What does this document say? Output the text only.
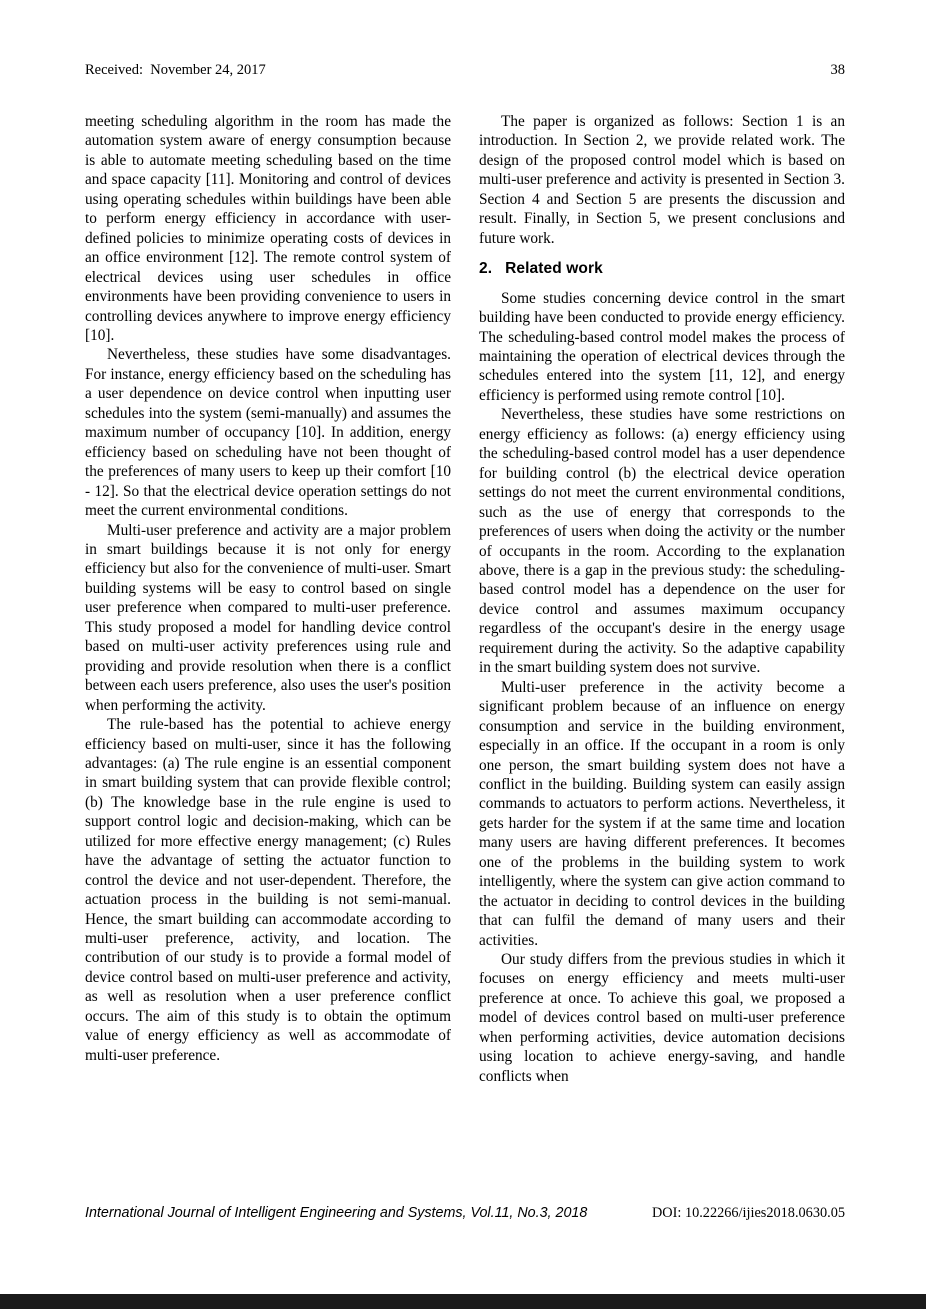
Received:  November 24, 2017	38

meeting scheduling algorithm in the room has made the automation system aware of energy consumption because is able to automate meeting scheduling based on the time and space capacity [11]. Monitoring and control of devices using operating schedules within buildings have been able to perform energy efficiency in accordance with user-defined policies to minimize operating costs of devices in an office environment [12]. The remote control system of electrical devices using user schedules in office environments have been providing convenience to users in controlling devices anywhere to improve energy efficiency [10].

Nevertheless, these studies have some disadvantages. For instance, energy efficiency based on the scheduling has a user dependence on device control when inputting user schedules into the system (semi-manually) and assumes the maximum number of occupancy [10]. In addition, energy efficiency based on scheduling have not been thought of the preferences of many users to keep up their comfort [10 - 12]. So that the electrical device operation settings do not meet the current environmental conditions.

Multi-user preference and activity are a major problem in smart buildings because it is not only for energy efficiency but also for the convenience of multi-user. Smart building systems will be easy to control based on single user preference when compared to multi-user preference. This study proposed a model for handling device control based on multi-user activity preferences using rule and providing and provide resolution when there is a conflict between each users preference, also uses the user's position when performing the activity.

The rule-based has the potential to achieve energy efficiency based on multi-user, since it has the following advantages: (a) The rule engine is an essential component in smart building system that can provide flexible control; (b) The knowledge base in the rule engine is used to support control logic and decision-making, which can be utilized for more effective energy management; (c) Rules have the advantage of setting the actuator function to control the device and not user-dependent. Therefore, the actuation process in the building is not semi-manual. Hence, the smart building can accommodate according to multi-user preference, activity, and location. The contribution of our study is to provide a formal model of device control based on multi-user preference and activity, as well as resolution when a user preference conflict occurs. The aim of this study is to obtain the optimum value of energy efficiency as well as accommodate of multi-user preference.

The paper is organized as follows: Section 1 is an introduction. In Section 2, we provide related work. The design of the proposed control model which is based on multi-user preference and activity is presented in Section 3. Section 4 and Section 5 are presents the discussion and result. Finally, in Section 5, we present conclusions and future work.

2. Related work

Some studies concerning device control in the smart building have been conducted to provide energy efficiency. The scheduling-based control model makes the process of maintaining the operation of electrical devices through the schedules entered into the system [11, 12], and energy efficiency is performed using remote control [10].

Nevertheless, these studies have some restrictions on energy efficiency as follows: (a) energy efficiency using the scheduling-based control model has a user dependence for building control (b) the electrical device operation settings do not meet the current environmental conditions, such as the use of energy that corresponds to the preferences of users when doing the activity or the number of occupants in the room. According to the explanation above, there is a gap in the previous study: the scheduling-based control model has a dependence on the user for device control and assumes maximum occupancy regardless of the occupant's desire in the energy usage requirement during the activity. So the adaptive capability in the smart building system does not survive.

Multi-user preference in the activity become a significant problem because of an influence on energy consumption and service in the building environment, especially in an office. If the occupant in a room is only one person, the smart building system does not have a conflict in the building. Building system can easily assign commands to actuators to perform actions. Nevertheless, it gets harder for the system if at the same time and location many users are having different preferences. It becomes one of the problems in the building system to work intelligently, where the system can give action command to the actuator in deciding to control devices in the building that can fulfil the demand of many users and their activities.

Our study differs from the previous studies in which it focuses on energy efficiency and meets multi-user preference at once. To achieve this goal, we proposed a model of devices control based on multi-user preference when performing activities, device automation decisions using location to achieve energy-saving, and handle conflicts when

International Journal of Intelligent Engineering and Systems, Vol.11, No.3, 2018	DOI: 10.22266/ijies2018.0630.05
